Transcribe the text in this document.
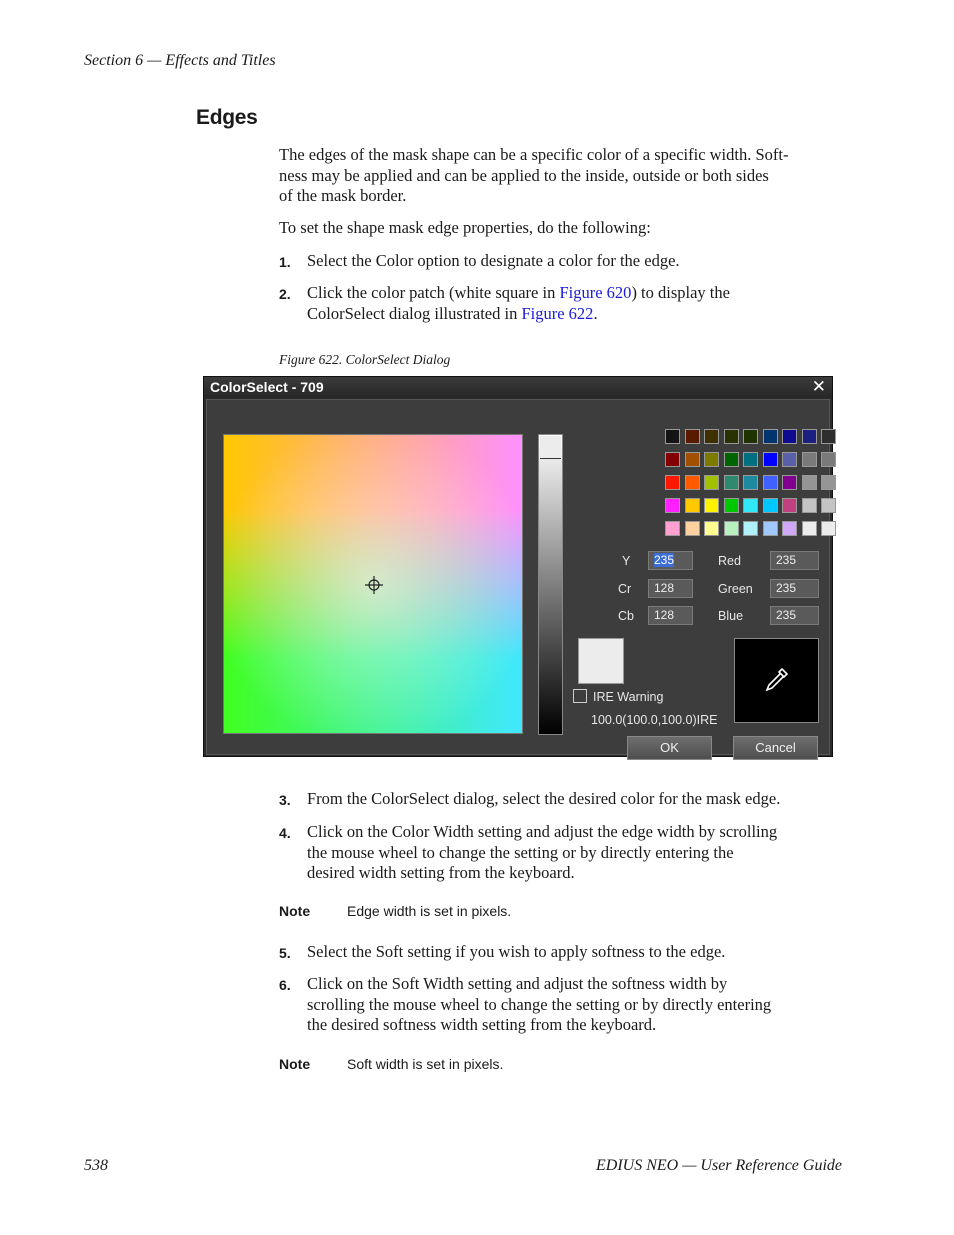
Section 6 — Effects and Titles
Edges
The edges of the mask shape can be a specific color of a specific width. Soft-
ness may be applied and can be applied to the inside, outside or both sides
of the mask border.
To set the shape mask edge properties, do the following:
1. Select the Color option to designate a color for the edge.
2. Click the color patch (white square in Figure 620) to display the
ColorSelect dialog illustrated in Figure 622.
Figure 622. ColorSelect Dialog
ColorSelect - 709	✕
Y	235
Cr	128
Cb	128
Red	235
Green	235
Blue	235
IRE Warning
100.0(100.0,100.0)IRE
OK	Cancel
3. From the ColorSelect dialog, select the desired color for the mask edge.
4. Click on the Color Width setting and adjust the edge width by scrolling
the mouse wheel to change the setting or by directly entering the
desired width setting from the keyboard.
Note	Edge width is set in pixels.
5. Select the Soft setting if you wish to apply softness to the edge.
6. Click on the Soft Width setting and adjust the softness width by
scrolling the mouse wheel to change the setting or by directly entering
the desired softness width setting from the keyboard.
Note	Soft width is set in pixels.
538	EDIUS NEO — User Reference Guide
